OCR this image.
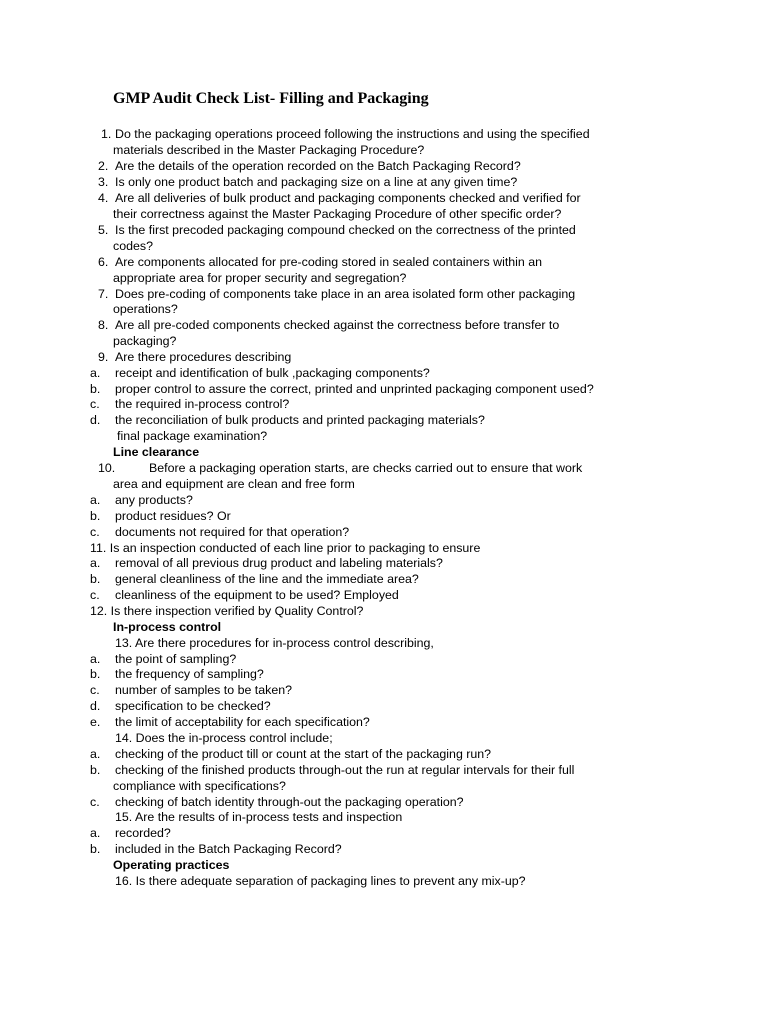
GMP Audit Check List- Filling and Packaging
1. Do the packaging operations proceed following the instructions and using the specified
materials described in the Master Packaging Procedure?
2. Are the details of the operation recorded on the Batch Packaging Record?
3. Is only one product batch and packaging size on a line at any given time?
4. Are all deliveries of bulk product and packaging components checked and verified for
their correctness against the Master Packaging Procedure of other specific order?
5. Is the first precoded packaging compound checked on the correctness of the printed
codes?
6. Are components allocated for pre-coding stored in sealed containers within an
appropriate area for proper security and segregation?
7. Does pre-coding of components take place in an area isolated form other packaging
operations?
8. Are all pre-coded components checked against the correctness before transfer to
packaging?
9. Are there procedures describing
a. receipt and identification of bulk ,packaging components?
b. proper control to assure the correct, printed and unprinted packaging component used?
c. the required in-process control?
d. the reconciliation of bulk products and printed packaging materials?
final package examination?
Line clearance
10.	Before a packaging operation starts, are checks carried out to ensure that work
area and equipment are clean and free form
a. any products?
b. product residues? Or
c. documents not required for that operation?
11. Is an inspection conducted of each line prior to packaging to ensure
a. removal of all previous drug product and labeling materials?
b. general cleanliness of the line and the immediate area?
c. cleanliness of the equipment to be used? Employed
12. Is there inspection verified by Quality Control?
In-process control
13. Are there procedures for in-process control describing,
a. the point of sampling?
b. the frequency of sampling?
c. number of samples to be taken?
d. specification to be checked?
e. the limit of acceptability for each specification?
14. Does the in-process control include;
a. checking of the product till or count at the start of the packaging run?
b. checking of the finished products through-out the run at regular intervals for their full
compliance with specifications?
c. checking of batch identity through-out the packaging operation?
15. Are the results of in-process tests and inspection
a. recorded?
b. included in the Batch Packaging Record?
Operating practices
16. Is there adequate separation of packaging lines to prevent any mix-up?
